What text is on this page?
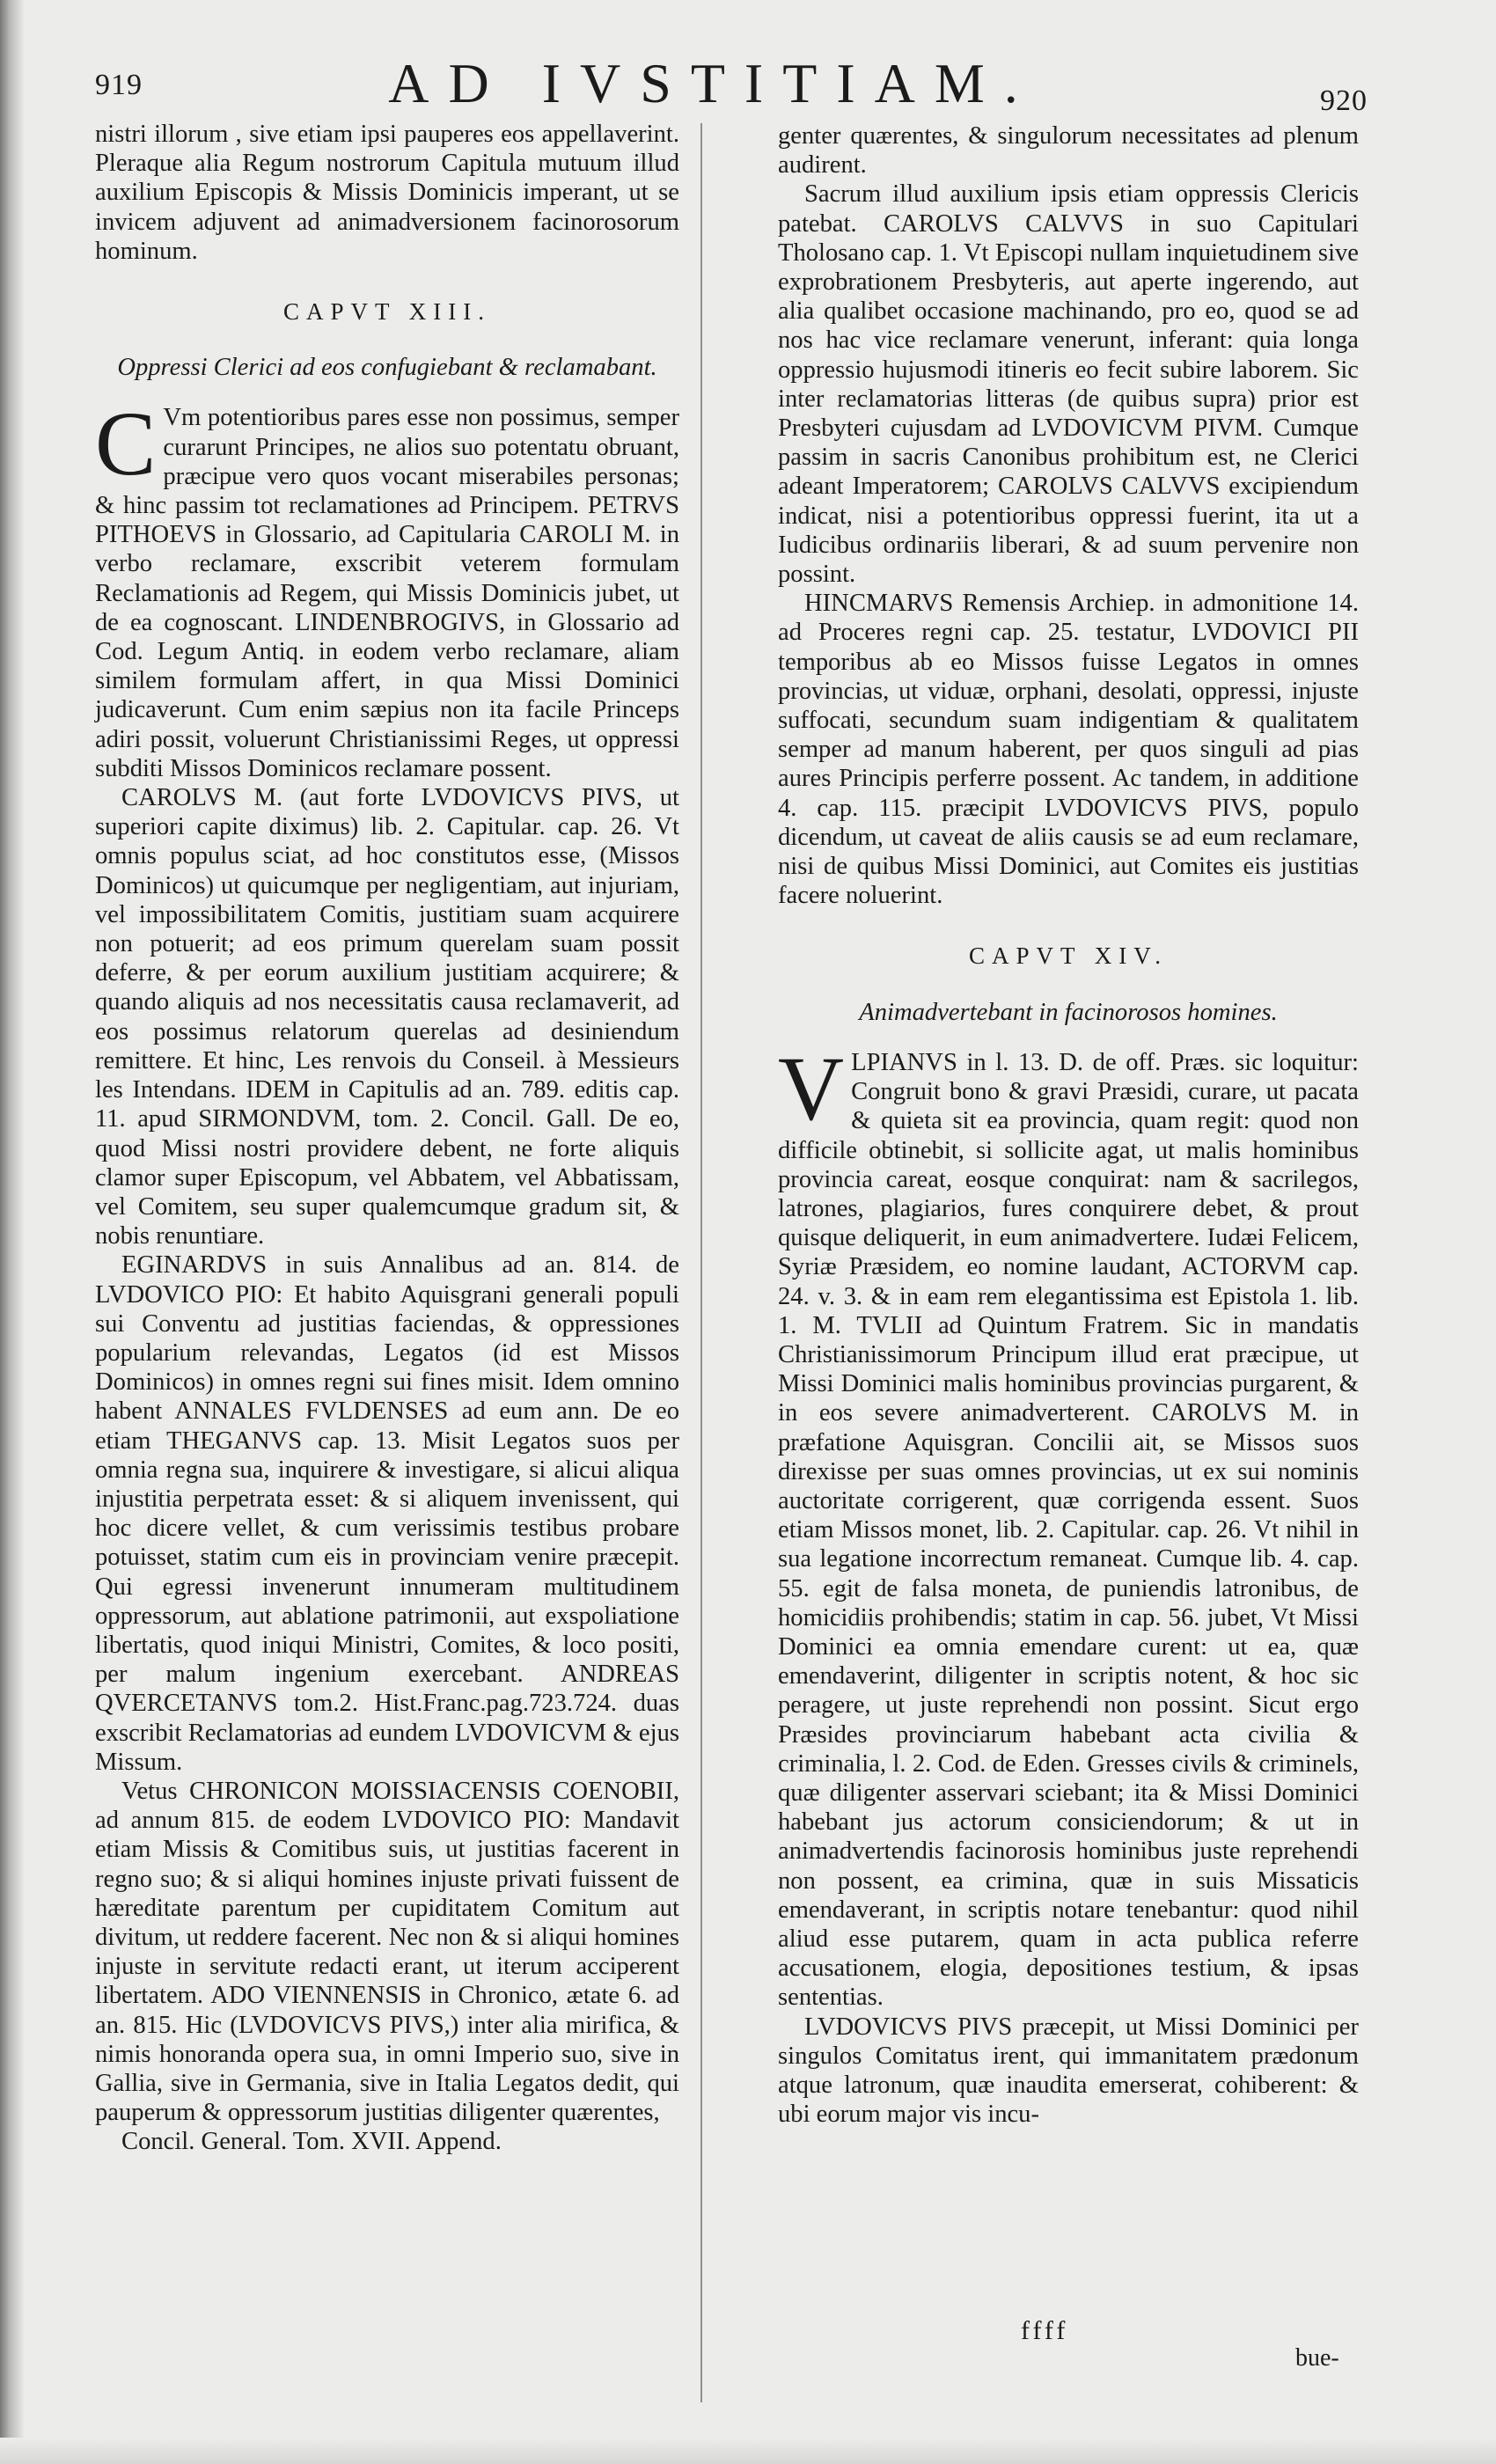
919	AD IVSTITIAM.	920

nistri illorum , sive etiam ipsi pauperes eos appellaverint. Pleraque alia Regum nostrorum Capitula mutuum illud auxilium Episcopis & Missis Dominicis imperant, ut se invicem adjuvent ad animadversionem facinorosorum hominum.

CAPVT XIII.
Oppressi Clerici ad eos confugiebant & reclamabant.

CVm potentioribus pares esse non possimus, semper curarunt Principes, ne alios suo potentatu obruant, præcipue vero quos vocant miserabiles personas; & hinc passim tot reclamationes ad Principem. PETRVS PITHOEVS in Glossario, ad Capitularia CAROLI M. in verbo reclamare, exscribit veterem formulam Reclamationis ad Regem, qui Missis Dominicis jubet, ut de ea cognoscant. LINDENBROGIVS, in Glossario ad Cod. Legum Antiq. in eodem verbo reclamare, aliam similem formulam affert, in qua Missi Dominici judicaverunt. Cum enim sæpius non ita facile Princeps adiri possit, voluerunt Christianissimi Reges, ut oppressi subditi Missos Dominicos reclamare possent.

CAROLVS M. (aut forte LVDOVICVS PIVS, ut superiori capite diximus) lib. 2. Capitular. cap. 26. Vt omnis populus sciat, ad hoc constitutos esse, (Missos Dominicos) ut quicumque per negligentiam, aut injuriam, vel impossibilitatem Comitis, justitiam suam acquirere non potuerit; ad eos primum querelam suam possit deferre, & per eorum auxilium justitiam acquirere; & quando aliquis ad nos necessitatis causa reclamaverit, ad eos possimus relatorum querelas ad desiniendum remittere. Et hinc, Les renvois du Conseil. à Messieurs les Intendans. IDEM in Capitulis ad an. 789. editis cap. 11. apud SIRMONDVM, tom. 2. Concil. Gall. De eo, quod Missi nostri providere debent, ne forte aliquis clamor super Episcopum, vel Abbatem, vel Abbatissam, vel Comitem, seu super qualemcumque gradum sit, & nobis renuntiare.

EGINARDVS in suis Annalibus ad an. 814. de LVDOVICO PIO: Et habito Aquisgrani generali populi sui Conventu ad justitias faciendas, & oppressiones popularium relevandas, Legatos (id est Missos Dominicos) in omnes regni sui fines misit. Idem omnino habent ANNALES FVLDENSES ad eum ann. De eo etiam THEGANVS cap. 13. Misit Legatos suos per omnia regna sua, inquirere & investigare, si alicui aliqua injustitia perpetrata esset: & si aliquem invenissent, qui hoc dicere vellet, & cum verissimis testibus probare potuisset, statim cum eis in provinciam venire præcepit. Qui egressi invenerunt innumeram multitudinem oppressorum, aut ablatione patrimonii, aut exspoliatione libertatis, quod iniqui Ministri, Comites, & loco positi, per malum ingenium exercebant. ANDREAS QVERCETANVS tom.2. Hist.Franc.pag.723.724. duas exscribit Reclamatorias ad eundem LVDOVICVM & ejus Missum.

Vetus CHRONICON MOISSIACENSIS COENOBII, ad annum 815. de eodem LVDOVICO PIO: Mandavit etiam Missis & Comitibus suis, ut justitias facerent in regno suo; & si aliqui homines injuste privati fuissent de hæreditate parentum per cupiditatem Comitum aut divitum, ut reddere facerent. Nec non & si aliqui homines injuste in servitute redacti erant, ut iterum acciperent libertatem. ADO VIENNENSIS in Chronico, ætate 6. ad an. 815. Hic (LVDOVICVS PIVS,) inter alia mirifica, & nimis honoranda opera sua, in omni Imperio suo, sive in Gallia, sive in Germania, sive in Italia Legatos dedit, qui pauperum & oppressorum justitias diligenter quærentes,

Concil. General. Tom. XVII. Append.

genter quærentes, & singulorum necessitates ad plenum audirent.

Sacrum illud auxilium ipsis etiam oppressis Clericis patebat. CAROLVS CALVVS in suo Capitulari Tholosano cap. 1. Vt Episcopi nullam inquietudinem sive exprobrationem Presbyteris, aut aperte ingerendo, aut alia qualibet occasione machinando, pro eo, quod se ad nos hac vice reclamare venerunt, inferant: quia longa oppressio hujusmodi itineris eo fecit subire laborem. Sic inter reclamatorias litteras (de quibus supra) prior est Presbyteri cujusdam ad LVDOVICVM PIVM. Cumque passim in sacris Canonibus prohibitum est, ne Clerici adeant Imperatorem; CAROLVS CALVVS excipiendum indicat, nisi a potentioribus oppressi fuerint, ita ut a Iudicibus ordinariis liberari, & ad suum pervenire non possint.

HINCMARVS Remensis Archiep. in admonitione 14. ad Proceres regni cap. 25. testatur, LVDOVICI PII temporibus ab eo Missos fuisse Legatos in omnes provincias, ut viduæ, orphani, desolati, oppressi, injuste suffocati, secundum suam indigentiam & qualitatem semper ad manum haberent, per quos singuli ad pias aures Principis perferre possent. Ac tandem, in additione 4. cap. 115. præcipit LVDOVICVS PIVS, populo dicendum, ut caveat de aliis causis se ad eum reclamare, nisi de quibus Missi Dominici, aut Comites eis justitias facere noluerint.

CAPVT XIV.
Animadvertebant in facinorosos homines.

VLPIANVS in l. 13. D. de off. Præs. sic loquitur: Congruit bono & gravi Præsidi, curare, ut pacata & quieta sit ea provincia, quam regit: quod non difficile obtinebit, si sollicite agat, ut malis hominibus provincia careat, eosque conquirat: nam & sacrilegos, latrones, plagiarios, fures conquirere debet, & prout quisque deliquerit, in eum animadvertere. Iudæi Felicem, Syriæ Præsidem, eo nomine laudant, ACTORVM cap. 24. v. 3. & in eam rem elegantissima est Epistola 1. lib. 1. M. TVLII ad Quintum Fratrem. Sic in mandatis Christianissimorum Principum illud erat præcipue, ut Missi Dominici malis hominibus provincias purgarent, & in eos severe animadverterent. CAROLVS M. in præfatione Aquisgran. Concilii ait, se Missos suos direxisse per suas omnes provincias, ut ex sui nominis auctoritate corrigerent, quæ corrigenda essent. Suos etiam Missos monet, lib. 2. Capitular. cap. 26. Vt nihil in sua legatione incorrectum remaneat. Cumque lib. 4. cap. 55. egit de falsa moneta, de puniendis latronibus, de homicidiis prohibendis; statim in cap. 56. jubet, Vt Missi Dominici ea omnia emendare curent: ut ea, quæ emendaverint, diligenter in scriptis notent, & hoc sic peragere, ut juste reprehendi non possint. Sicut ergo Præsides provinciarum habebant acta civilia & criminalia, l. 2. Cod. de Eden. Gresses civils & criminels, quæ diligenter asservari sciebant; ita & Missi Dominici habebant jus actorum consiciendorum; & ut in animadvertendis facinorosis hominibus juste reprehendi non possent, ea crimina, quæ in suis Missaticis emendaverant, in scriptis notare tenebantur: quod nihil aliud esse putarem, quam in acta publica referre accusationem, elogia, depositiones testium, & ipsas sententias.

LVDOVICVS PIVS præcepit, ut Missi Dominici per singulos Comitatus irent, qui immanitatem prædonum atque latronum, quæ inaudita emerserat, cohiberent: & ubi eorum major vis incu-

ffff
bue-
